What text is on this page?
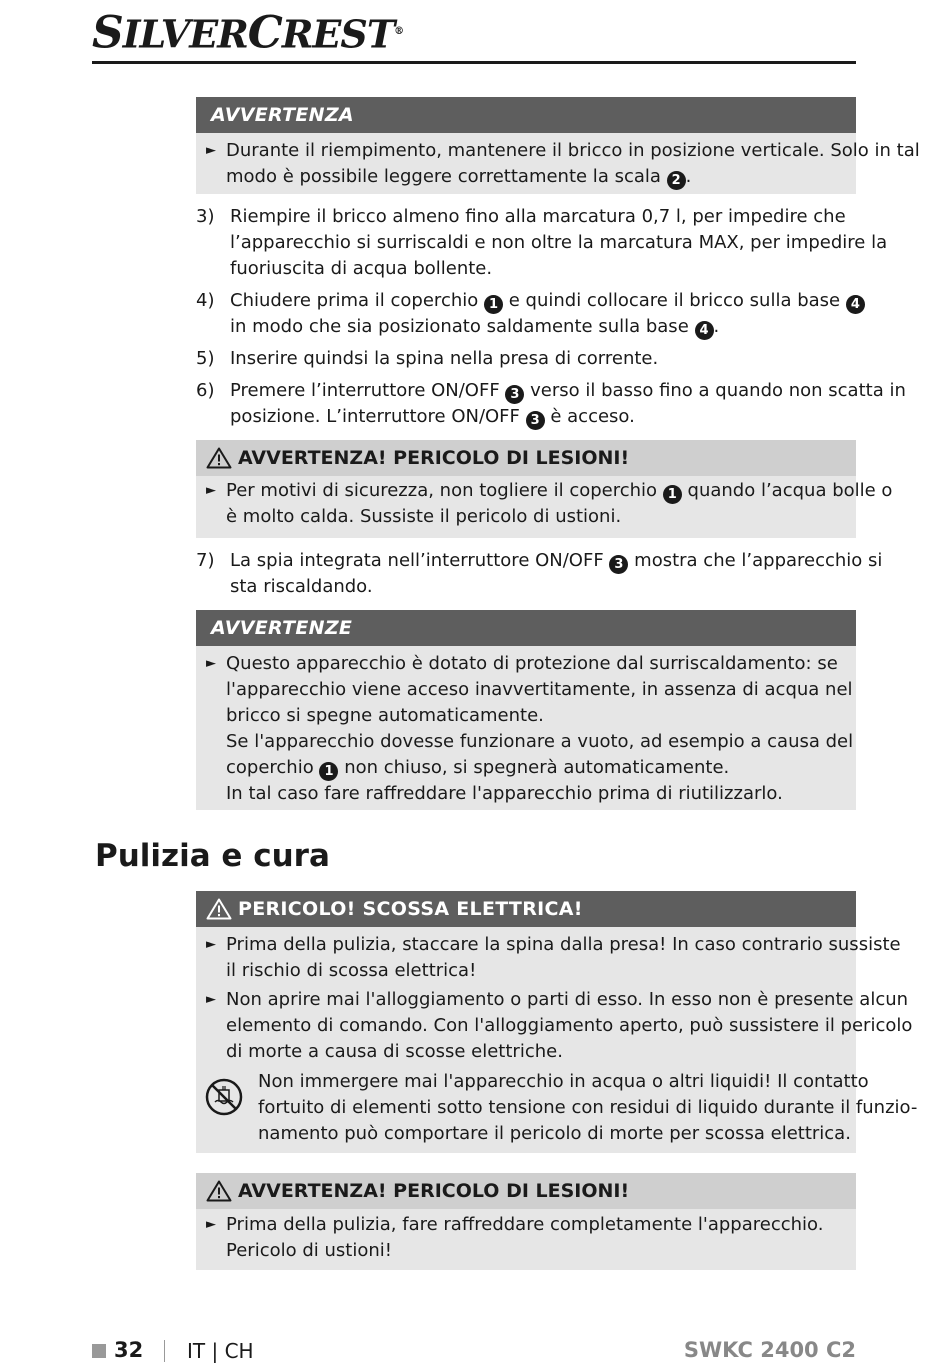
SILVERCREST®
AVVERTENZA
► Durante il riempimento, mantenere il bricco in posizione verticale. Solo in tal
modo è possibile leggere correttamente la scala 2 .
3) Riempire il bricco almeno fino alla marcatura 0,7 l, per impedire che
l’apparecchio si surriscaldi e non oltre la marcatura MAX, per impedire la
fuoriuscita di acqua bollente.
4) Chiudere prima il coperchio 1 e quindi collocare il bricco sulla base 4
in modo che sia posizionato saldamente sulla base 4 .
5) Inserire quindsi la spina nella presa di corrente.
6) Premere l’interruttore ON/OFF 3 verso il basso fino a quando non scatta in
posizione. L’interruttore ON/OFF 3 è acceso.
AVVERTENZA! PERICOLO DI LESIONI!
► Per motivi di sicurezza, non togliere il coperchio 1 quando l’acqua bolle o
è molto calda. Sussiste il pericolo di ustioni.
7) La spia integrata nell’interruttore ON/OFF 3 mostra che l’apparecchio si
sta riscaldando.
AVVERTENZE
► Questo apparecchio è dotato di protezione dal surriscaldamento: se
l'apparecchio viene acceso inavvertitamente, in assenza di acqua nel
bricco si spegne automaticamente.
Se l'apparecchio dovesse funzionare a vuoto, ad esempio a causa del
coperchio 1 non chiuso, si spegnerà automaticamente.
In tal caso fare raffreddare l'apparecchio prima di riutilizzarlo.
Pulizia e cura
PERICOLO! SCOSSA ELETTRICA!
► Prima della pulizia, staccare la spina dalla presa! In caso contrario sussiste
il rischio di scossa elettrica!
► Non aprire mai l'alloggiamento o parti di esso. In esso non è presente alcun
elemento di comando. Con l'alloggiamento aperto, può sussistere il pericolo
di morte a causa di scosse elettriche.
Non immergere mai l'apparecchio in acqua o altri liquidi! Il contatto
fortuito di elementi sotto tensione con residui di liquido durante il funzio-
namento può comportare il pericolo di morte per scossa elettrica.
AVVERTENZA! PERICOLO DI LESIONI!
► Prima della pulizia, fare raffreddare completamente l'apparecchio.
Pericolo di ustioni!
32 IT | CH	SWKC 2400 C2
